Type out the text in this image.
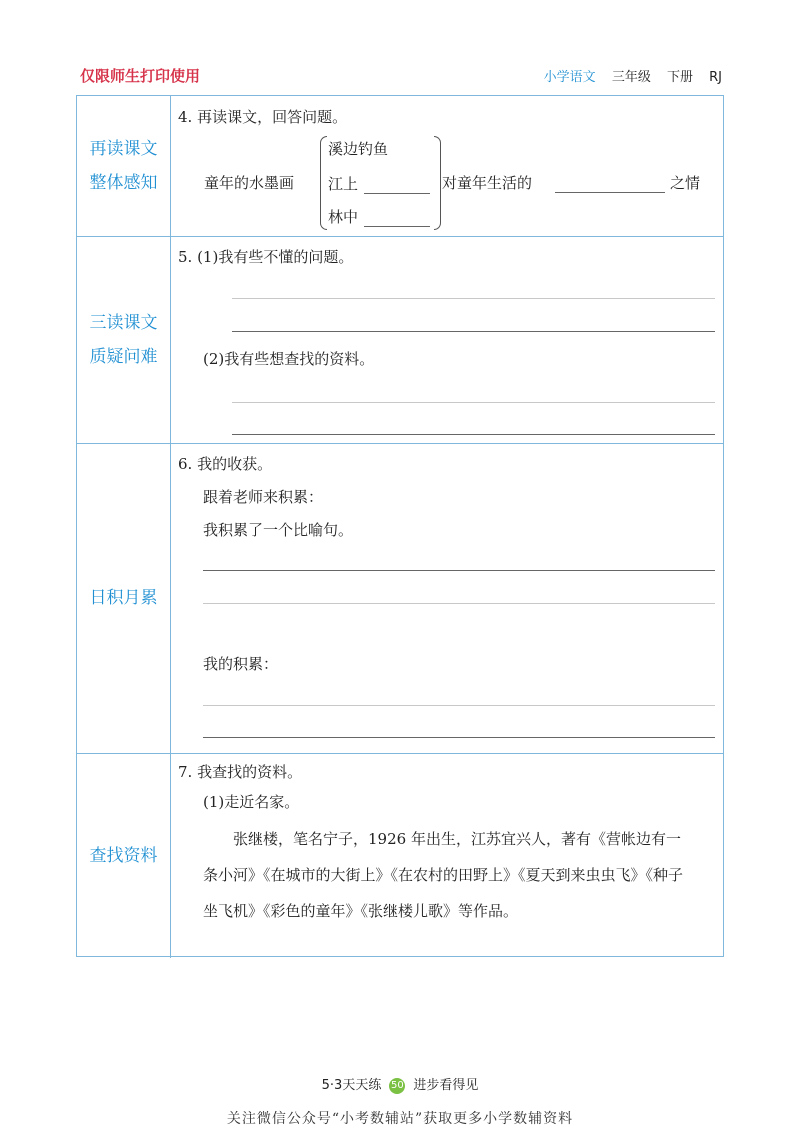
仅限师生打印使用	小学语文 三年级 下册 RJ
再读课文
整体感知
4. 再读课文，回答问题。
童年的水墨画
溪边钓鱼
江上
林中
对童年生活的	之情
三读课文
质疑问难
5. (1)我有些不懂的问题。
(2)我有些想查找的资料。
日积月累
6. 我的收获。
跟着老师来积累：
我积累了一个比喻句。
我的积累：
查找资料
7. 我查找的资料。
(1)走近名家。
张继楼，笔名宁子，1926 年出生，江苏宜兴人，著有《营帐边有一条小河》《在城市的大街上》《在农村的田野上》《夏天到来虫虫飞》《种子坐飞机》《彩色的童年》《张继楼儿歌》等作品。
5·3天天练 50 进步看得见
关注微信公众号“小考数辅站”获取更多小学数辅资料
